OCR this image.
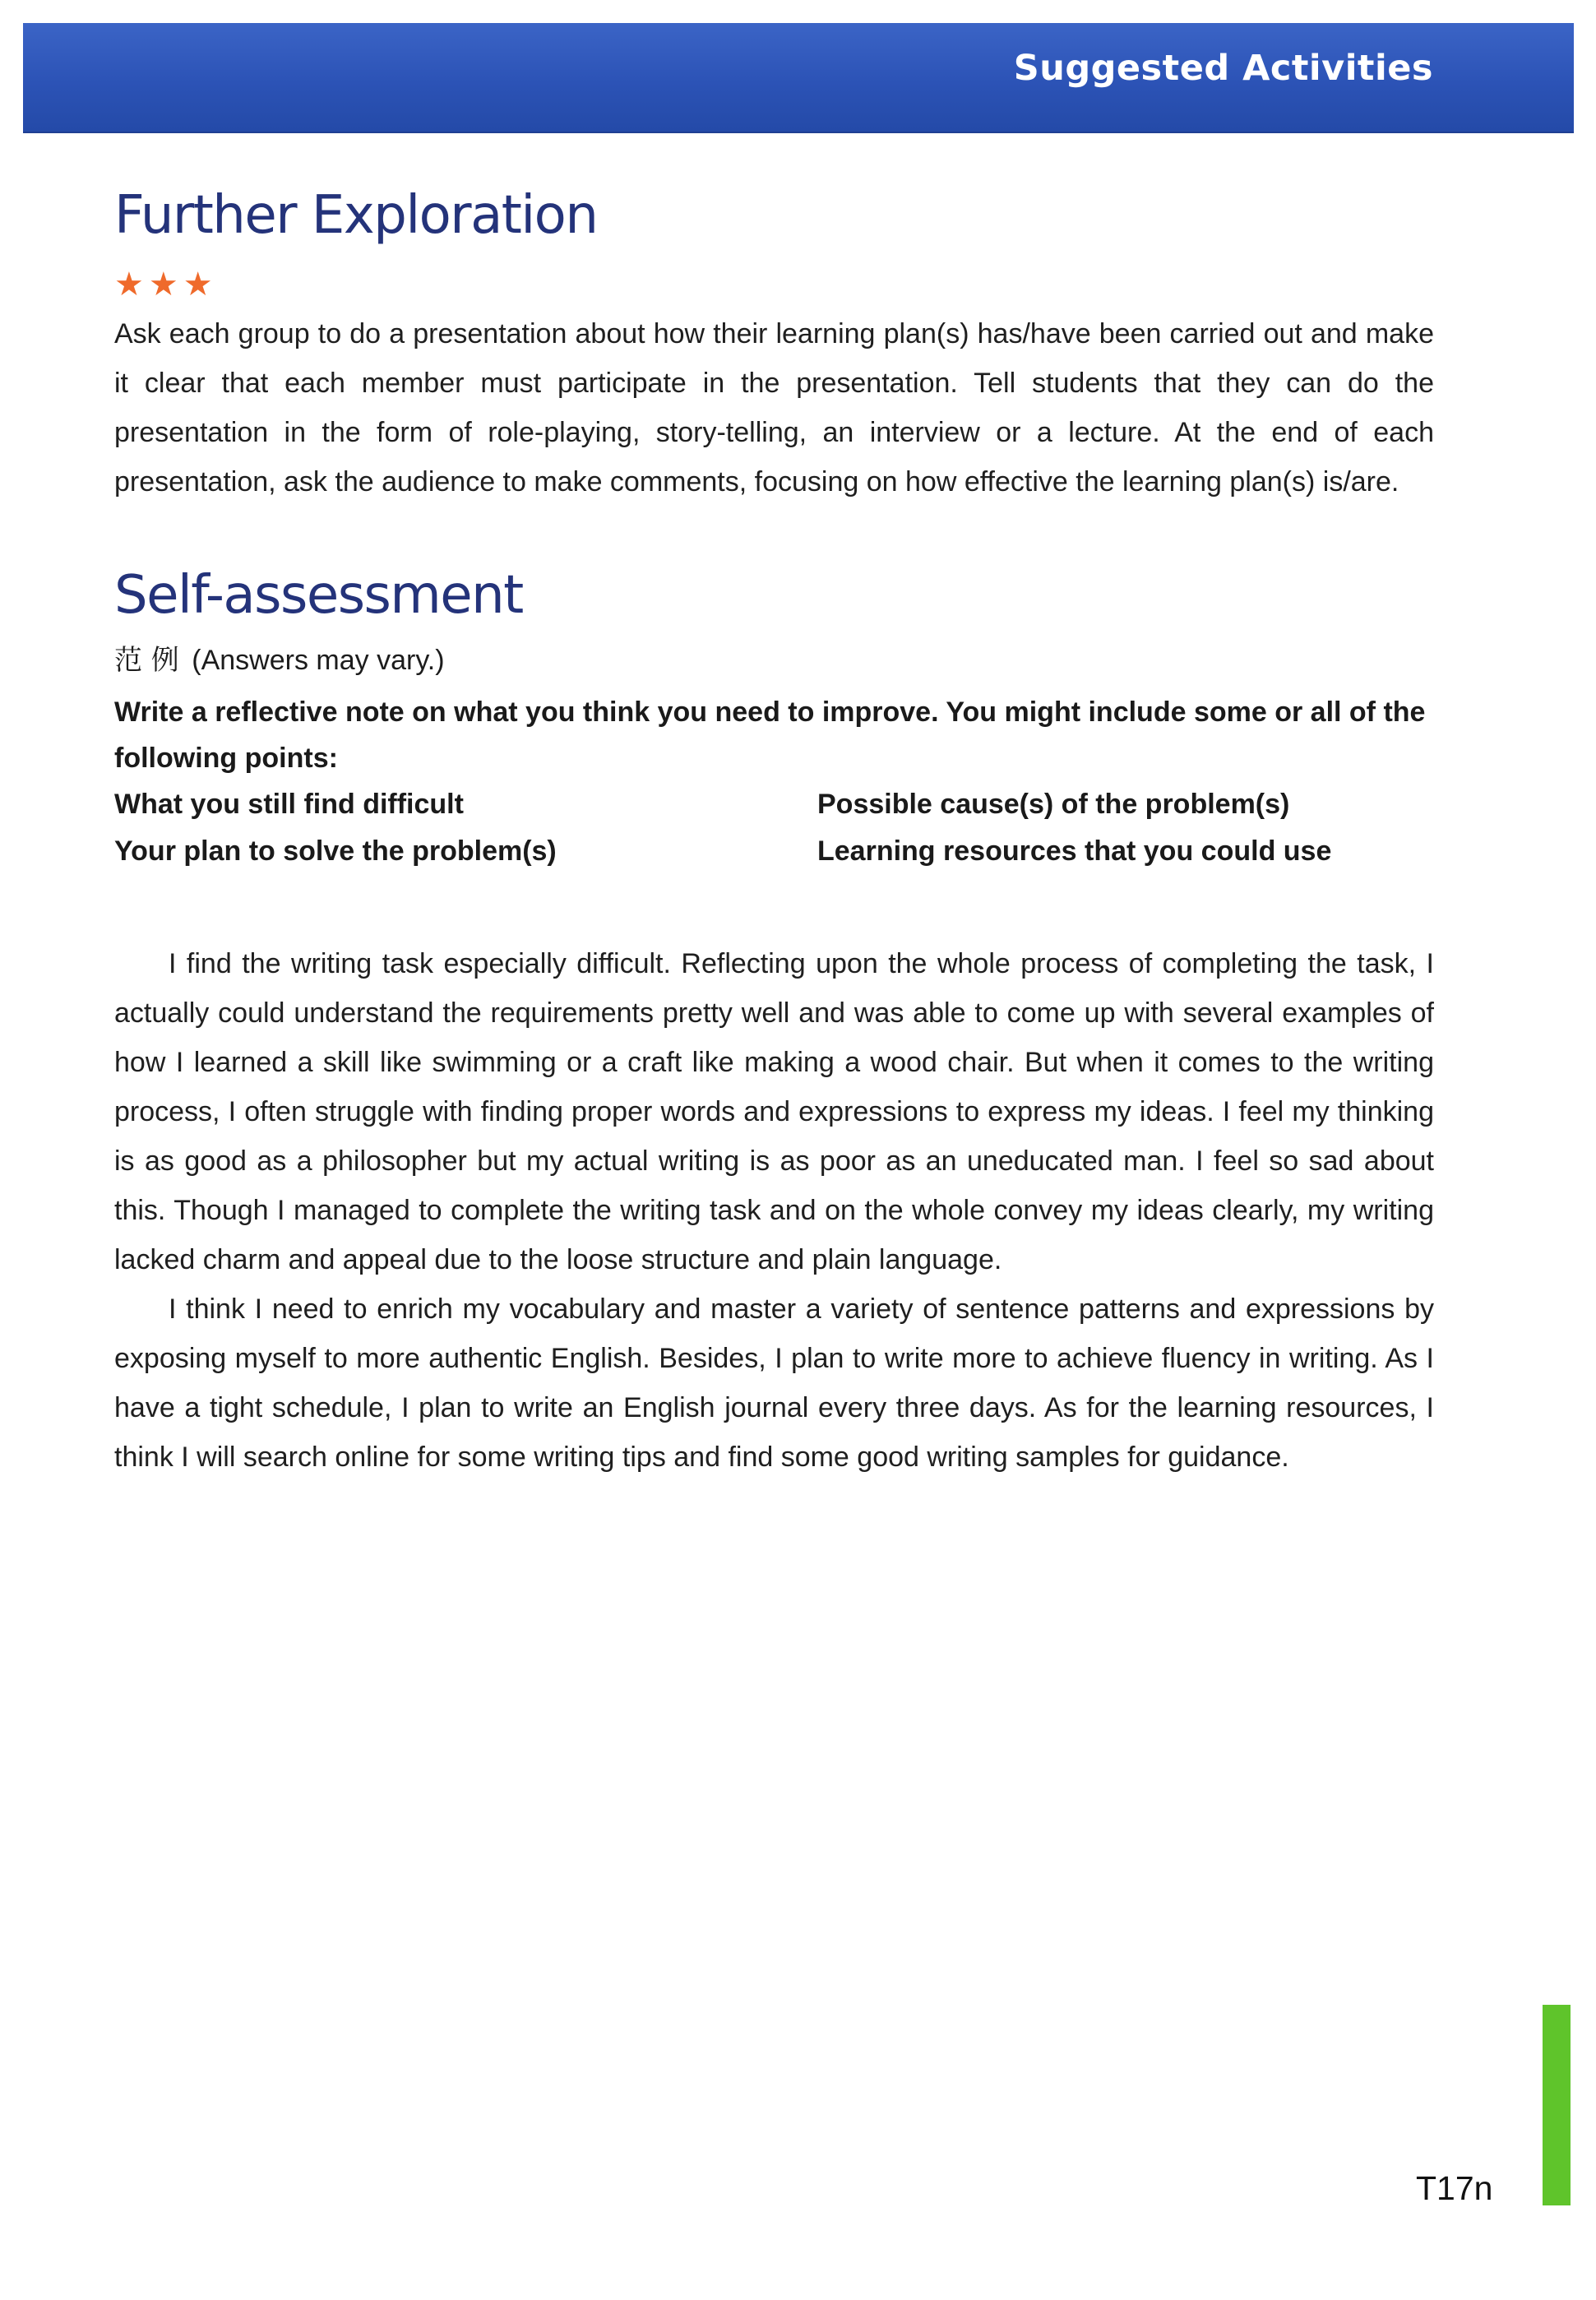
Suggested Activities
Further Exploration
★ ★ ★

Ask each group to do a presentation about how their learning plan(s) has/have been carried out and make it clear that each member must participate in the presentation. Tell students that they can do the presentation in the form of role-playing, story-telling, an interview or a lecture. At the end of each presentation, ask the audience to make comments, focusing on how effective the learning plan(s) is/are.

Self-assessment
范 例 (Answers may vary.)

Write a reflective note on what you think you need to improve. You might include some or all of the following points:

What you still find difficult	Possible cause(s) of the problem(s)
Your plan to solve the problem(s)	Learning resources that you could use

I find the writing task especially difficult. Reflecting upon the whole process of completing the task, I actually could understand the requirements pretty well and was able to come up with several examples of how I learned a skill like swimming or a craft like making a wood chair. But when it comes to the writing process, I often struggle with finding proper words and expressions to express my ideas. I feel my thinking is as good as a philosopher but my actual writing is as poor as an uneducated man. I feel so sad about this. Though I managed to complete the writing task and on the whole convey my ideas clearly, my writing lacked charm and appeal due to the loose structure and plain language.

I think I need to enrich my vocabulary and master a variety of sentence patterns and expressions by exposing myself to more authentic English. Besides, I plan to write more to achieve fluency in writing. As I have a tight schedule, I plan to write an English journal every three days. As for the learning resources, I think I will search online for some writing tips and find some good writing samples for guidance.

T17n
